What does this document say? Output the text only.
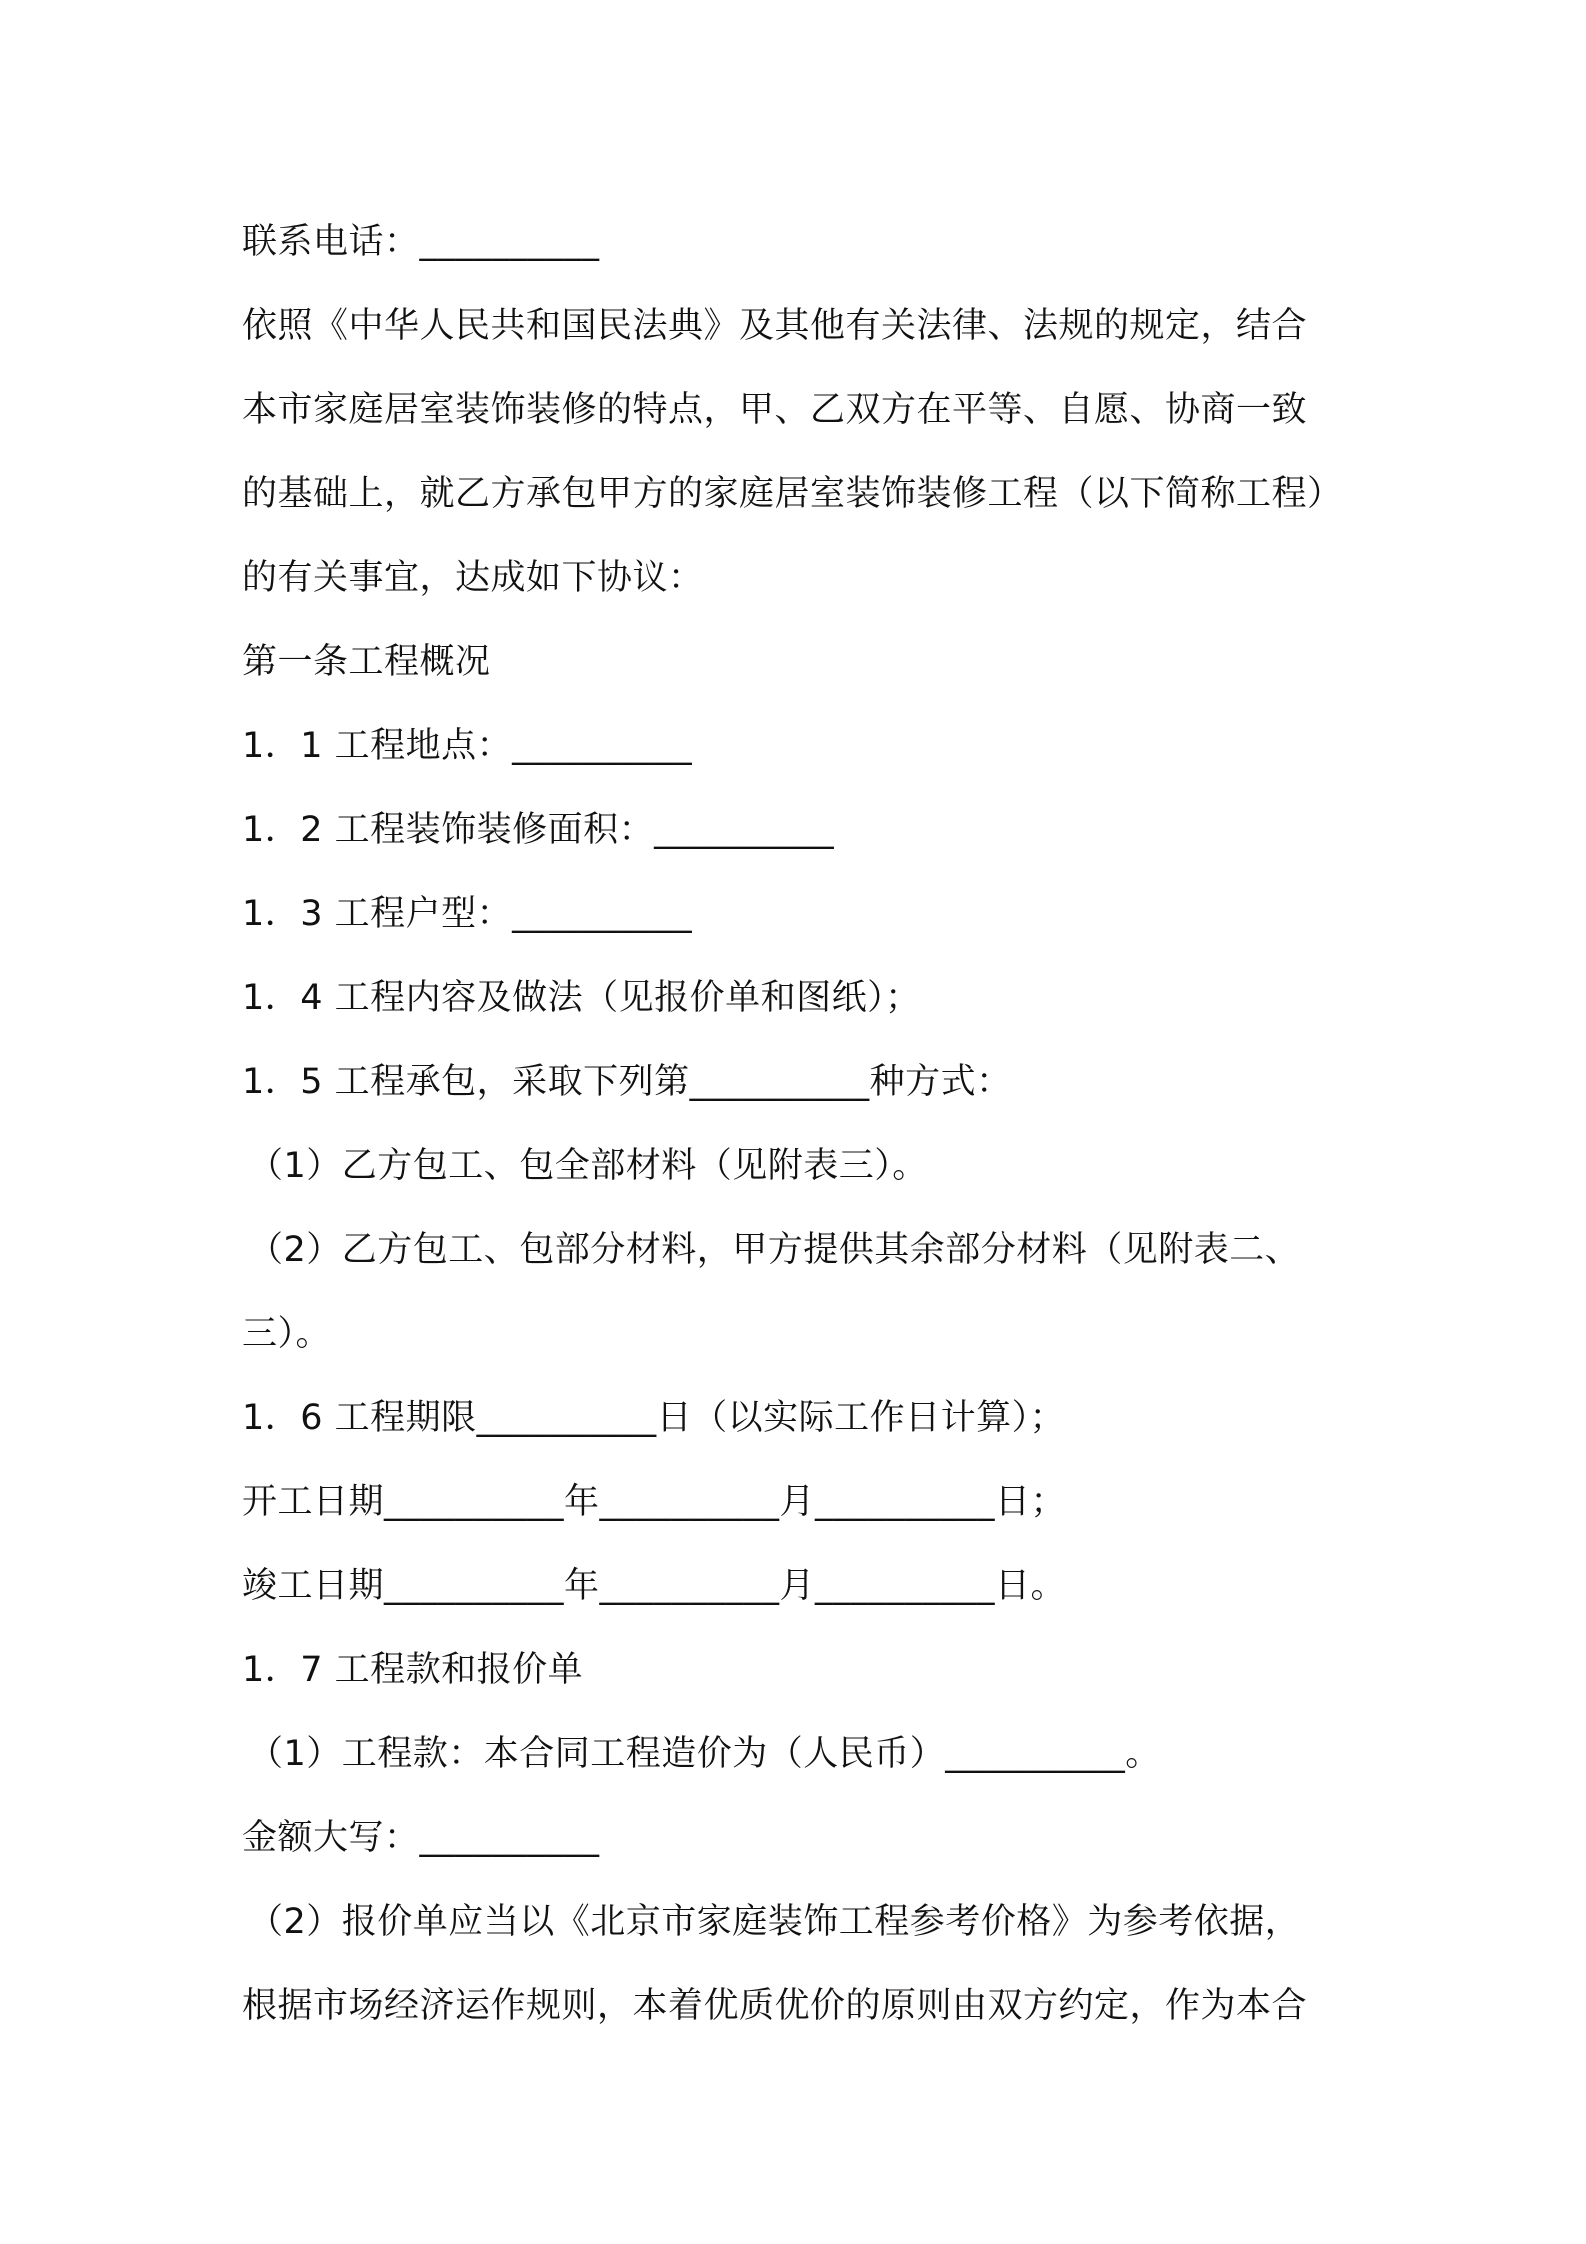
联系电话：__________
依照《中华人民共和国民法典》及其他有关法律、法规的规定，结合
本市家庭居室装饰装修的特点，甲、乙双方在平等、自愿、协商一致
的基础上，就乙方承包甲方的家庭居室装饰装修工程（以下简称工程）
的有关事宜，达成如下协议：
第一条工程概况
1．1 工程地点：__________
1．2 工程装饰装修面积：__________
1．3 工程户型：__________
1．4 工程内容及做法（见报价单和图纸）；
1．5 工程承包，采取下列第__________种方式：
（1）乙方包工、包全部材料（见附表三）。
（2）乙方包工、包部分材料，甲方提供其余部分材料（见附表二、
三）。
1．6 工程期限__________日（以实际工作日计算）；
开工日期__________年__________月__________日；
竣工日期__________年__________月__________日。
1．7 工程款和报价单
（1）工程款：本合同工程造价为（人民币）__________。
金额大写：__________
（2）报价单应当以《北京市家庭装饰工程参考价格》为参考依据，
根据市场经济运作规则，本着优质优价的原则由双方约定，作为本合
